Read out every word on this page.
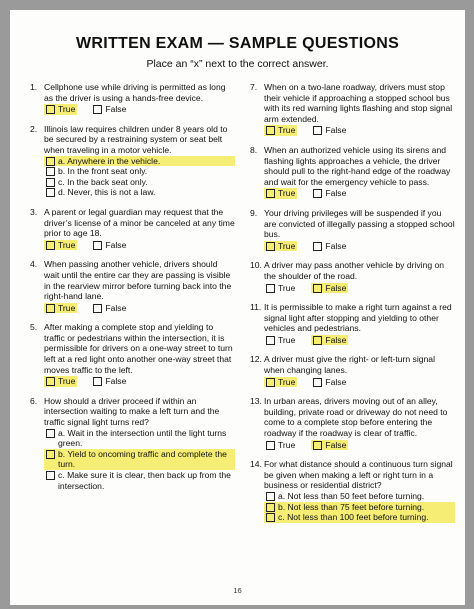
WRITTEN EXAM — SAMPLE QUESTIONS
Place an “x” next to the correct answer.
1. Cellphone use while driving is permitted as long as the driver is using a hands-free device.
True	False
2. Illinois law requires children under 8 years old to be secured by a restraining system or seat belt when traveling in a motor vehicle.
a. Anywhere in the vehicle.
b. In the front seat only.
c. In the back seat only.
d. Never, this is not a law.
3. A parent or legal guardian may request that the driver’s license of a minor be canceled at any time prior to age 18.
True	False
4. When passing another vehicle, drivers should wait until the entire car they are passing is visible in the rearview mirror before turning back into the right-hand lane.
True	False
5. After making a complete stop and yielding to traffic or pedestrians within the intersection, it is permissible for drivers on a one-way street to turn left at a red light onto another one-way street that moves traffic to the left.
True	False
6. How should a driver proceed if within an intersection waiting to make a left turn and the traffic signal light turns red?
a. Wait in the intersection until the light turns green.
b. Yield to oncoming traffic and complete the turn.
c. Make sure it is clear, then back up from the intersection.
7. When on a two-lane roadway, drivers must stop their vehicle if approaching a stopped school bus with its red warning lights flashing and stop signal arm extended.
True	False
8. When an authorized vehicle using its sirens and flashing lights approaches a vehicle, the driver should pull to the right-hand edge of the roadway and wait for the emergency vehicle to pass.
True	False
9. Your driving privileges will be suspended if you are convicted of illegally passing a stopped school bus.
True	False
10. A driver may pass another vehicle by driving on the shoulder of the road.
True	False
11. It is permissible to make a right turn against a red signal light after stopping and yielding to other vehicles and pedestrians.
True	False
12. A driver must give the right- or left-turn signal when changing lanes.
True	False
13. In urban areas, drivers moving out of an alley, building, private road or driveway do not need to come to a complete stop before entering the roadway if the roadway is clear of traffic.
True	False
14. For what distance should a continuous turn signal be given when making a left or right turn in a business or residential district?
a. Not less than 50 feet before turning.
b. Not less than 75 feet before turning.
c. Not less than 100 feet before turning.
16
